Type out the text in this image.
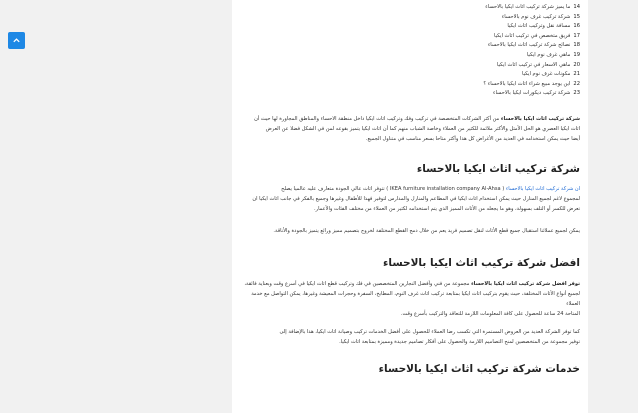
14ما يميز شركة تركيب اثاث ايكيا بالاحساء
15شركة تركيب غرف نوم بالاحساء
16مسافة نقل وتركيب اثاث ايكيا
17فريق متخصص في تركيب اثاث ايكيا
18نصائح شركة تركيب اثاث ايكيا بالاحساء
19ماهي غرف نوم ايكيا
20ماهي الاسعار في تركيب اثاث ايكيا
21مكونات غرف نوم ايكيا
22اين يوجد مبيع شراء اثاث ايكيا بالاحساء ؟
23شركة تركيب ديكورات ايكيا بالاحساء

شركة تركيب اثاث ايكيا بالاحساء من أكثر الشركات المتخصصة في تركيب وفك وتركيب اثاث ايكيا داخل منطقة الاحساء والمناطق المجاورة لها حيث أن

اثاث ايكيا العصري هو الحل الأمثل والأكثر ملائمة للكثير من العملاء وخاصة الشباب منهم كما أن اثاث ايكيا يتميز بقوعه لمن في الشكل فضلا عن العرض

أيضا حيث يمكن استخدامه في العديد من الأغراض كل هذا وأكثر متاحا بسعر مناسب في متناول الجميع.

شركة تركيب اثاث ايكيا بالاحساء

ان شركة تركيب اثاث ايكيا بالاحساء ( IKEA furniture installation company Al-Ahsa ) تتوفر اثاث عالي الجودة متعارف عليه عالميا يصلح

لمجموع لاغم لجميع المنازل حيث يمكن استخدام اثاث ايكيا في المطاعم والمنازل والمدارس لتوفير فهذا للأطفال وغيرها وجميع بالفكر في جانب اثاث ايكيا ان

تعرض للكسر أو التلف بسهولة، وهو ما يجعله من الأثاث المميز الذي يتم استخدامه لكثير من العملاء من مختلف الفئات والأعمار.

يمكن لجميع عملائنا استقبال جميع قطع الأثاث لنقل تصميم فريد يعم من خلال دمج القطع المختلفة لخروج بتصميم مميز ورائع يتميز بالجودة والأناقة.

افضل شركة تركيب اثاث ايكيا بالاحساء

توفر افضل شركة تركيب اثاث ايكيا بالاحساء مجموعة من فني وأفضل النجارين المتخصصين في فك وتركيب قطع اثاث ايكيا في أسرع وقت وبعناية فائقة،

لجميع أنواع الأثاث المختلفة، حيث يقوم بتركيب اثاث ايكيا بمتابعة تركيب اثاث غرف النوم، المطابخ، السفرة وحجرات المعيشة وغيرها، يمكن التواصل مع خدمة العملاء

المتاحة 24 ساعة للحصول على كافة المعلومات اللازمة للتعاقد والتركيب بأسرع وقت.

كما توفر الشركة العديد من العروض المستمرة التي تكسب رضا العملاء للحصول على أفضل الخدمات تركيب وصيانة اثاث ايكيا، هذا بالإضافة إلى

توفير مجموعة من المتخصصين لمنح التصاميم اللازمة والحصول على أفكار تصاميم جديدة ومميزة بمتابعة اثاث ايكيا.

خدمات شركة تركيب اثاث ايكيا بالاحساء
